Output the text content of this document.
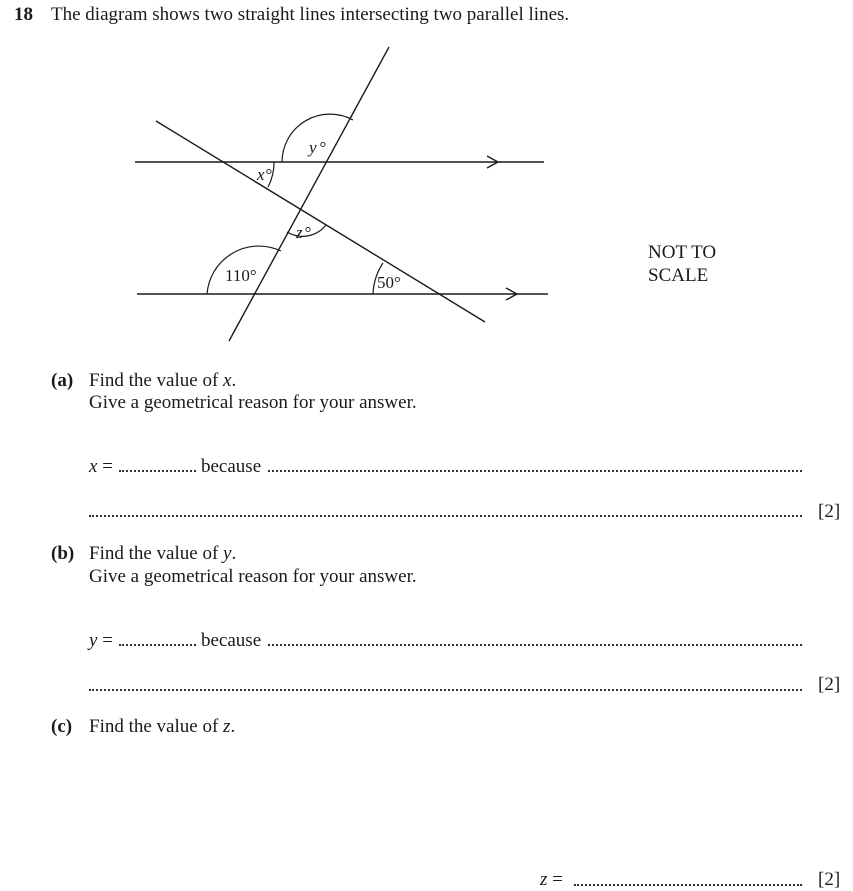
18 The diagram shows two straight lines intersecting two parallel lines.
y °
x°
z °
110°	50°
NOT TO SCALE
(a) Find the value of x.
Give a geometrical reason for your answer.
x =	because
[2]
(b) Find the value of y.
Give a geometrical reason for your answer.
y =	because
[2]
(c) Find the value of z.
z =	[2]
